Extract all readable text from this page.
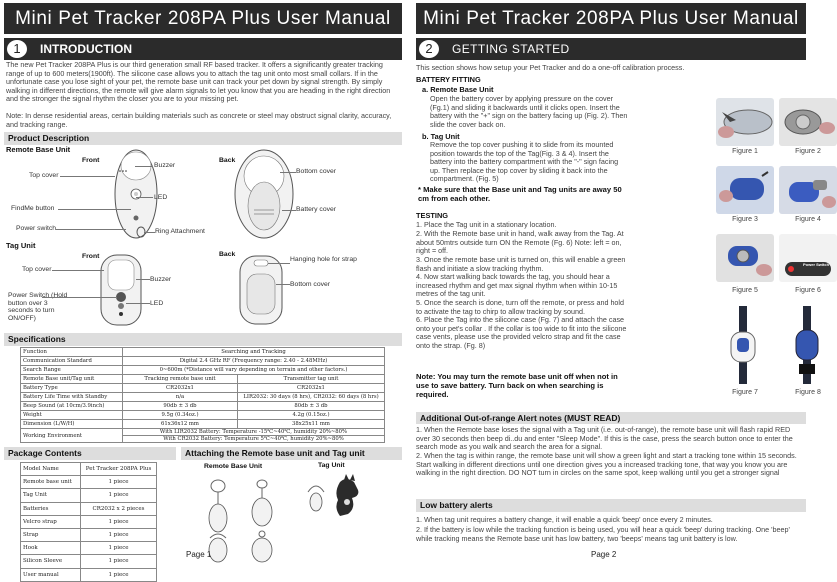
Mini Pet Tracker 208PA Plus User Manual
1	INTRODUCTION
The new Pet Tracker 208PA Plus is our third generation small RF based tracker. It offers a significantly greater tracking range of up to 600 meters(1900ft). The silicone case allows you to attach the tag unit onto most small collars. If in the unfortunate case you lose sight of your pet, the remote base unit can track your pet down by signal strength. By simply walking in different directions, the remote will give alarm signals to let you know that you are heading in the right direction and the stronger the signal rhythm the closer you are to your missing pet.
Note: In dense residential areas, certain building materials such as concrete or steel may obstruct signal clarity, accuracy, and tracking range.
Product Description
Remote Base Unit
Front
Buzzer
LED
Top cover
FindMe button
Power switch	Ring Attachment
Back
Bottom cover
Battery cover
Tag Unit
Front
Top cover
Buzzer
LED
Power Switch (Hold button over 3 seconds to turn ON/OFF)
Back
Hanging hole for strap
Bottom cover
Specifications
Function	Searching and Tracking	
Communication Standard	Digital 2.4 GHz RF (Frequency range: 2.40 - 2.48MHz)	
Search Range	0~600m (*Distance will vary depending on terrain and other factors.)	
Remote Base unit/Tag unit	Tracking remote base unit	Transmitter tag unit
Battery Type	CR2032x1	CR2032x1
Battery Life Time with Standby	n/a	LIR2032: 30 days (8 hrs), CR2032: 60 days (8 hrs)
Beep Sound (at 10cm/3.9inch)	90db ± 3 db	80db ± 3 db
Weight	9.5g (0.34oz.)	4.2g (0.15oz.)
Dimension (L/W/H)	61x36x12 mm	38x25x11 mm
Working Environment	With LIR2032 Battery: Temperature -15℃~40℃, humidity 20%~80%	
	With CR2032 Battery: Temperature 5℃~40℃, humidity 20%~80%	
Package Contents	Attaching the Remote base unit and Tag unit
Model Name	Pet Tracker 208PA Plus
Remote base unit	1 piece
Tag Unit	1 piece
Batteries	CR2032 x 2 pieces
Velcro strap	1 piece
Strap	1 piece
Hook	1 piece
Silicon Sleeve	1 piece
User manual	1 piece
Remote Base Unit	Tag Unit
Page 1
Mini Pet Tracker 208PA Plus User Manual
2	GETTING STARTED
This section shows how setup your Pet Tracker and do a one-off calibration process.
BATTERY FITTING
a. Remote Base Unit
Open the battery cover by applying pressure on the cover (Fg.1) and sliding it backwards until it clicks open. Insert the battery with the "+" sign on the battery facing up (Fig. 2). Then slide the cover back on.
b. Tag Unit
Remove the top cover pushing it to slide from its mounted position towards the top of the Tag(Fig. 3 & 4). Insert the battery into the battery compartment with the "-" sign facing up. Then replace the top cover by sliding it back into the compartment. (Fig. 5)
* Make sure that the Base unit and Tag units are away 50 cm from each other.
TESTING
1. Place the Tag unit in a stationary location.
2. With the Remote base unit in hand, walk away from the Tag. At about 50mtrs outside turn ON the Remote (Fg. 6) Note: left = on, right = off.
3. Once the remote base unit is turned on, this will enable a green flash and initiate a slow tracking rhythm.
4. Now start walking back towards the tag, you should hear a increased rhythm and get max signal rhythm when within 10-15 metres of the tag unit.
5. Once the search is done, turn off the remote, or press and hold to activate the tag to chirp to allow tracking by sound.
6. Place the Tag into the silicone case (Fg. 7) and attach the case onto your pet's collar . If the collar is too wide to fit into the silicone case vents, please use the provided velcro strap and fit the case onto the strap. (Fg. 8)
Note: You may turn the remote base unit off when not in use to save battery. Turn back on when searching is required.
Figure 1	Figure 2
Figure 3	Figure 4
Power Switch
Figure 5	Figure 6
Figure 7	Figure 8
Additional Out-of-range Alert notes (MUST READ)
1. When the Remote base loses the signal with a Tag unit (i.e. out-of-range), the remote base unit will flash rapid RED over 30 seconds then beep di..du and enter "Sleep Mode". If this is the case, press the search button once to enter the search mode as you walk and search the area for a signal.
2. When the tag is within range, the remote base unit will show a green light and start a tracking tone within 15 seconds. Start walking in different directions until one direction gives you a increased tracking tone, that way you know you are walking in the right direction. DO NOT turn in circles on the same spot, keep walking until you get a stronger signal
Low battery alerts
1. When tag unit requires a battery change, it will enable a quick 'beep' once every 2 minutes.
2. If the battery is low while the tracking function is being used, you will hear a quick 'beep' during tracking. One 'beep' while tracking means the Remote base unit has low battery, two 'beeps' means tag unit battery is low.
Page 2
